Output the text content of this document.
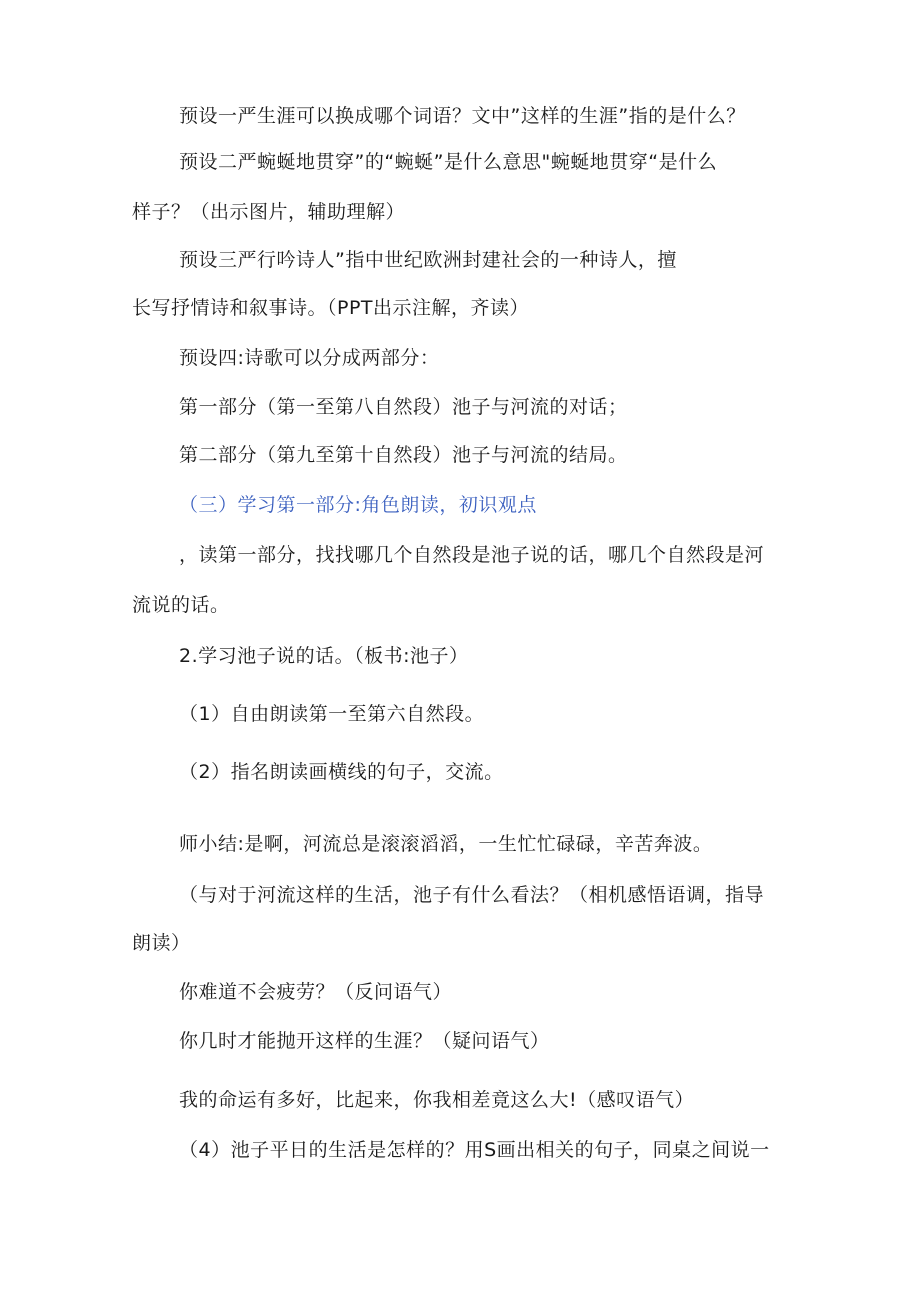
预设一严生涯可以换成哪个词语？文中”这样的生涯”指的是什么？
预设二严蜿蜒地贯穿”的“蜿蜒”是什么意思"蜿蜒地贯穿“是什么
样子？（出示图片，辅助理解）
预设三严行吟诗人”指中世纪欧洲封建社会的一种诗人，擅
长写抒情诗和叙事诗。（PPT出示注解，齐读）
预设四:诗歌可以分成两部分：
第一部分（第一至第八自然段）池子与河流的对话；
第二部分（第九至第十自然段）池子与河流的结局。
（三）学习第一部分:角色朗读，初识观点
，读第一部分，找找哪几个自然段是池子说的话，哪几个自然段是河
流说的话。
2.学习池子说的话。（板书:池子）
（1）自由朗读第一至第六自然段。
（2）指名朗读画横线的句子，交流。
师小结:是啊，河流总是滚滚滔滔，一生忙忙碌碌，辛苦奔波。
（与对于河流这样的生活，池子有什么看法？（相机感悟语调，指导
朗读）
你难道不会疲劳？（反问语气）
你几时才能抛开这样的生涯？（疑问语气）
我的命运有多好，比起来，你我相差竟这么大!（感叹语气）
（4）池子平日的生活是怎样的？用S画出相关的句子，同桌之间说一
